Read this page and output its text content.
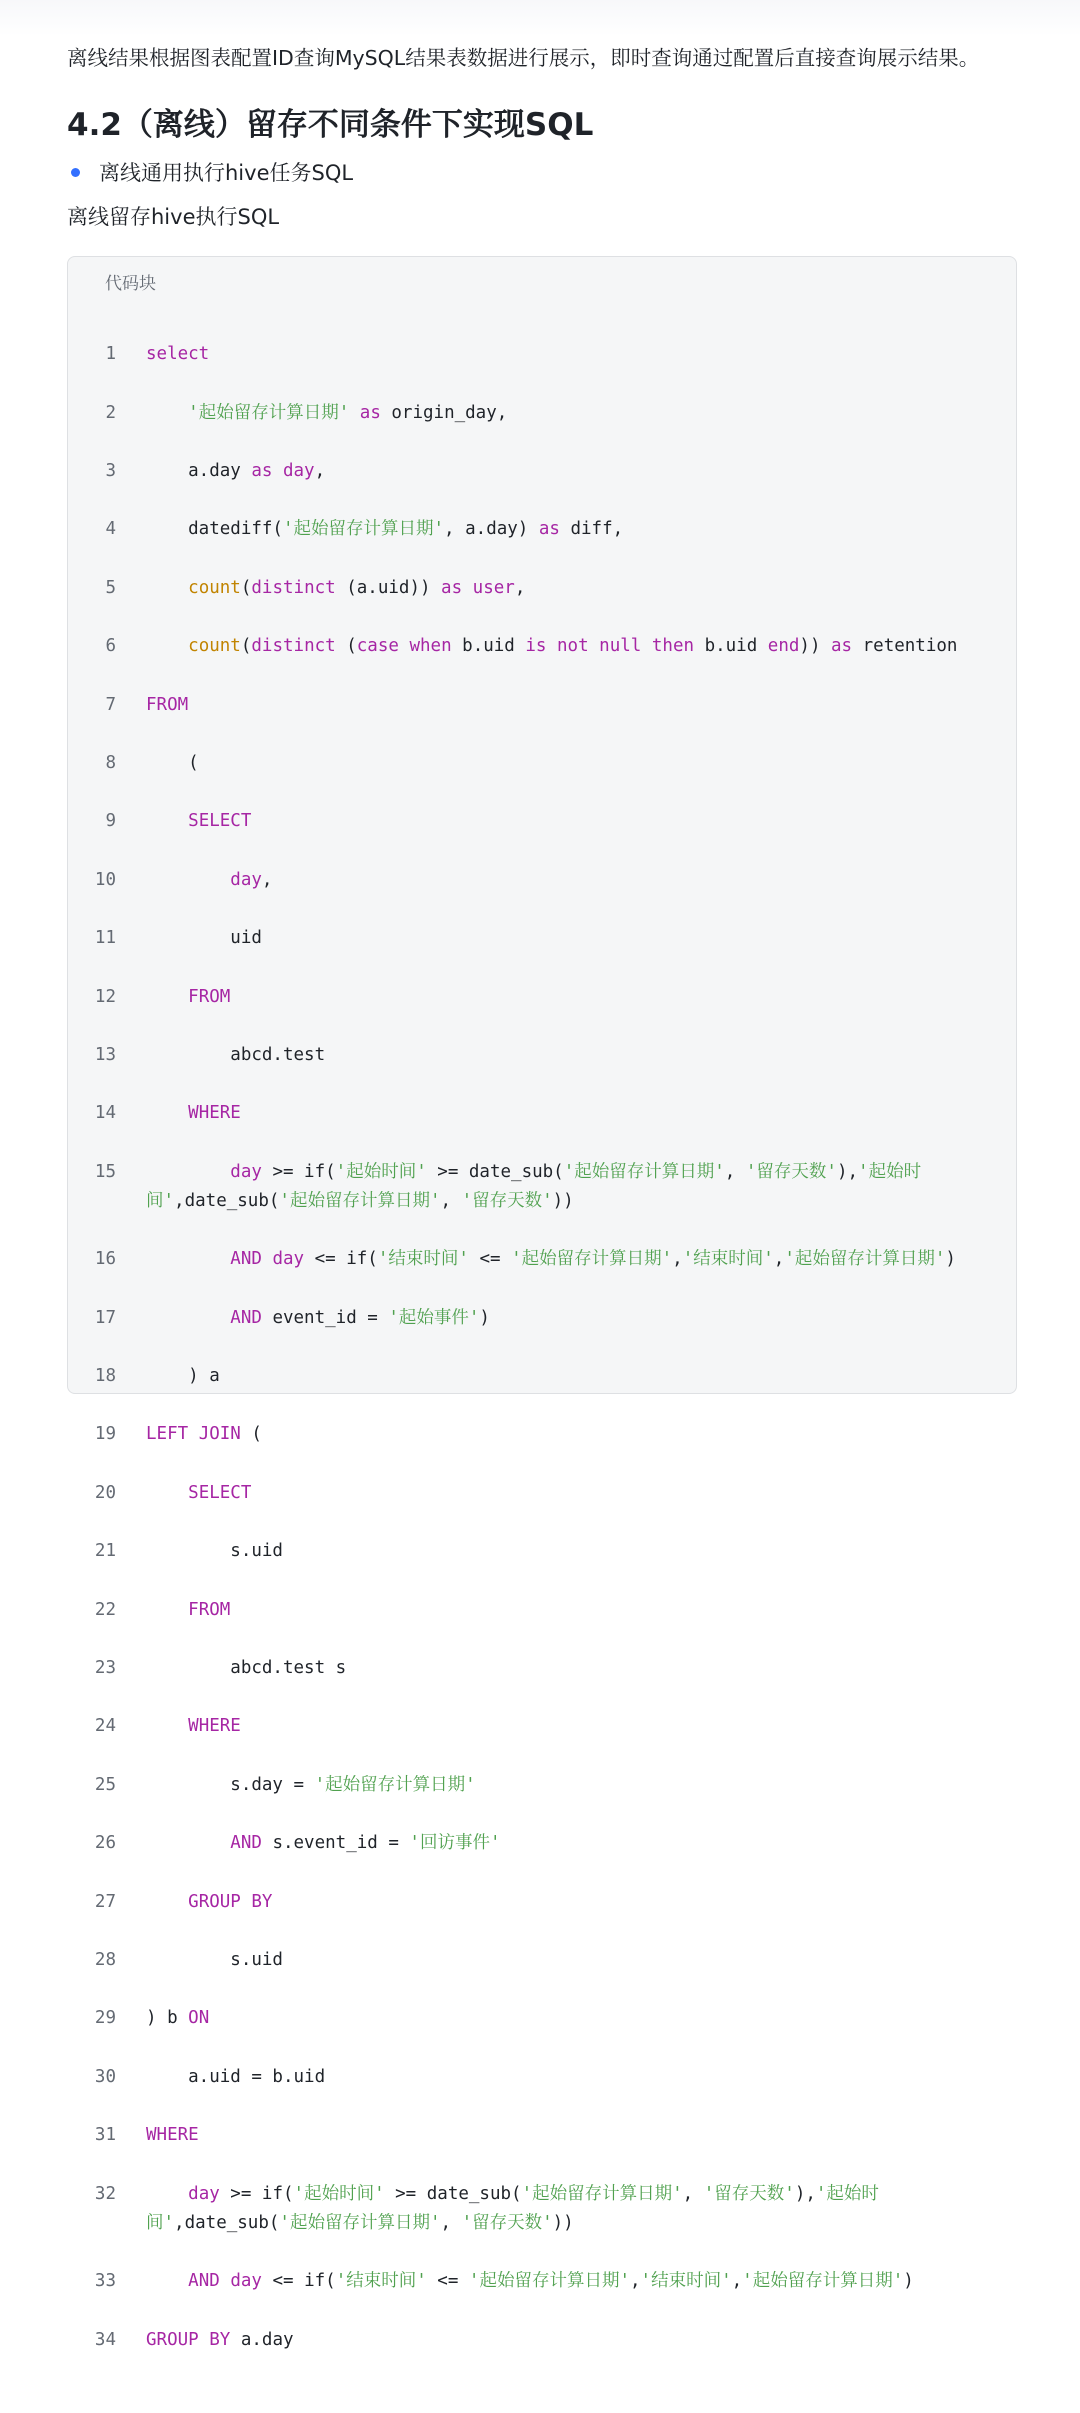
离线结果根据图表配置ID查询MySQL结果表数据进行展示，即时查询通过配置后直接查询展示结果。
4.2（离线）留存不同条件下实现SQL
离线通用执行hive任务SQL
离线留存hive执行SQL
代码块

1	select

2	'起始留存计算日期' as origin_day,

3	a.day as day,

4	datediff('起始留存计算日期', a.day) as diff,

5	count(distinct (a.uid)) as user,

6	count(distinct (case when b.uid is not null then b.uid end)) as retention

7	FROM

8	(

9	SELECT

10	day,

11	uid

12	FROM

13	abcd.test

14	WHERE

15	day >= if('起始时间' >= date_sub('起始留存计算日期', '留存天数'),'起始时
间',date_sub('起始留存计算日期', '留存天数'))

16	AND day <= if('结束时间' <= '起始留存计算日期','结束时间','起始留存计算日期')

17	AND event_id = '起始事件')

18	) a

19	LEFT JOIN (

20	SELECT

21	s.uid

22	FROM

23	abcd.test s

24	WHERE

25	s.day = '起始留存计算日期'

26	AND s.event_id = '回访事件'

27	GROUP BY

28	s.uid

29	) b ON

30	a.uid = b.uid

31	WHERE

32	day >= if('起始时间' >= date_sub('起始留存计算日期', '留存天数'),'起始时
间',date_sub('起始留存计算日期', '留存天数'))

33	AND day <= if('结束时间' <= '起始留存计算日期','结束时间','起始留存计算日期')

34	GROUP BY a.day
